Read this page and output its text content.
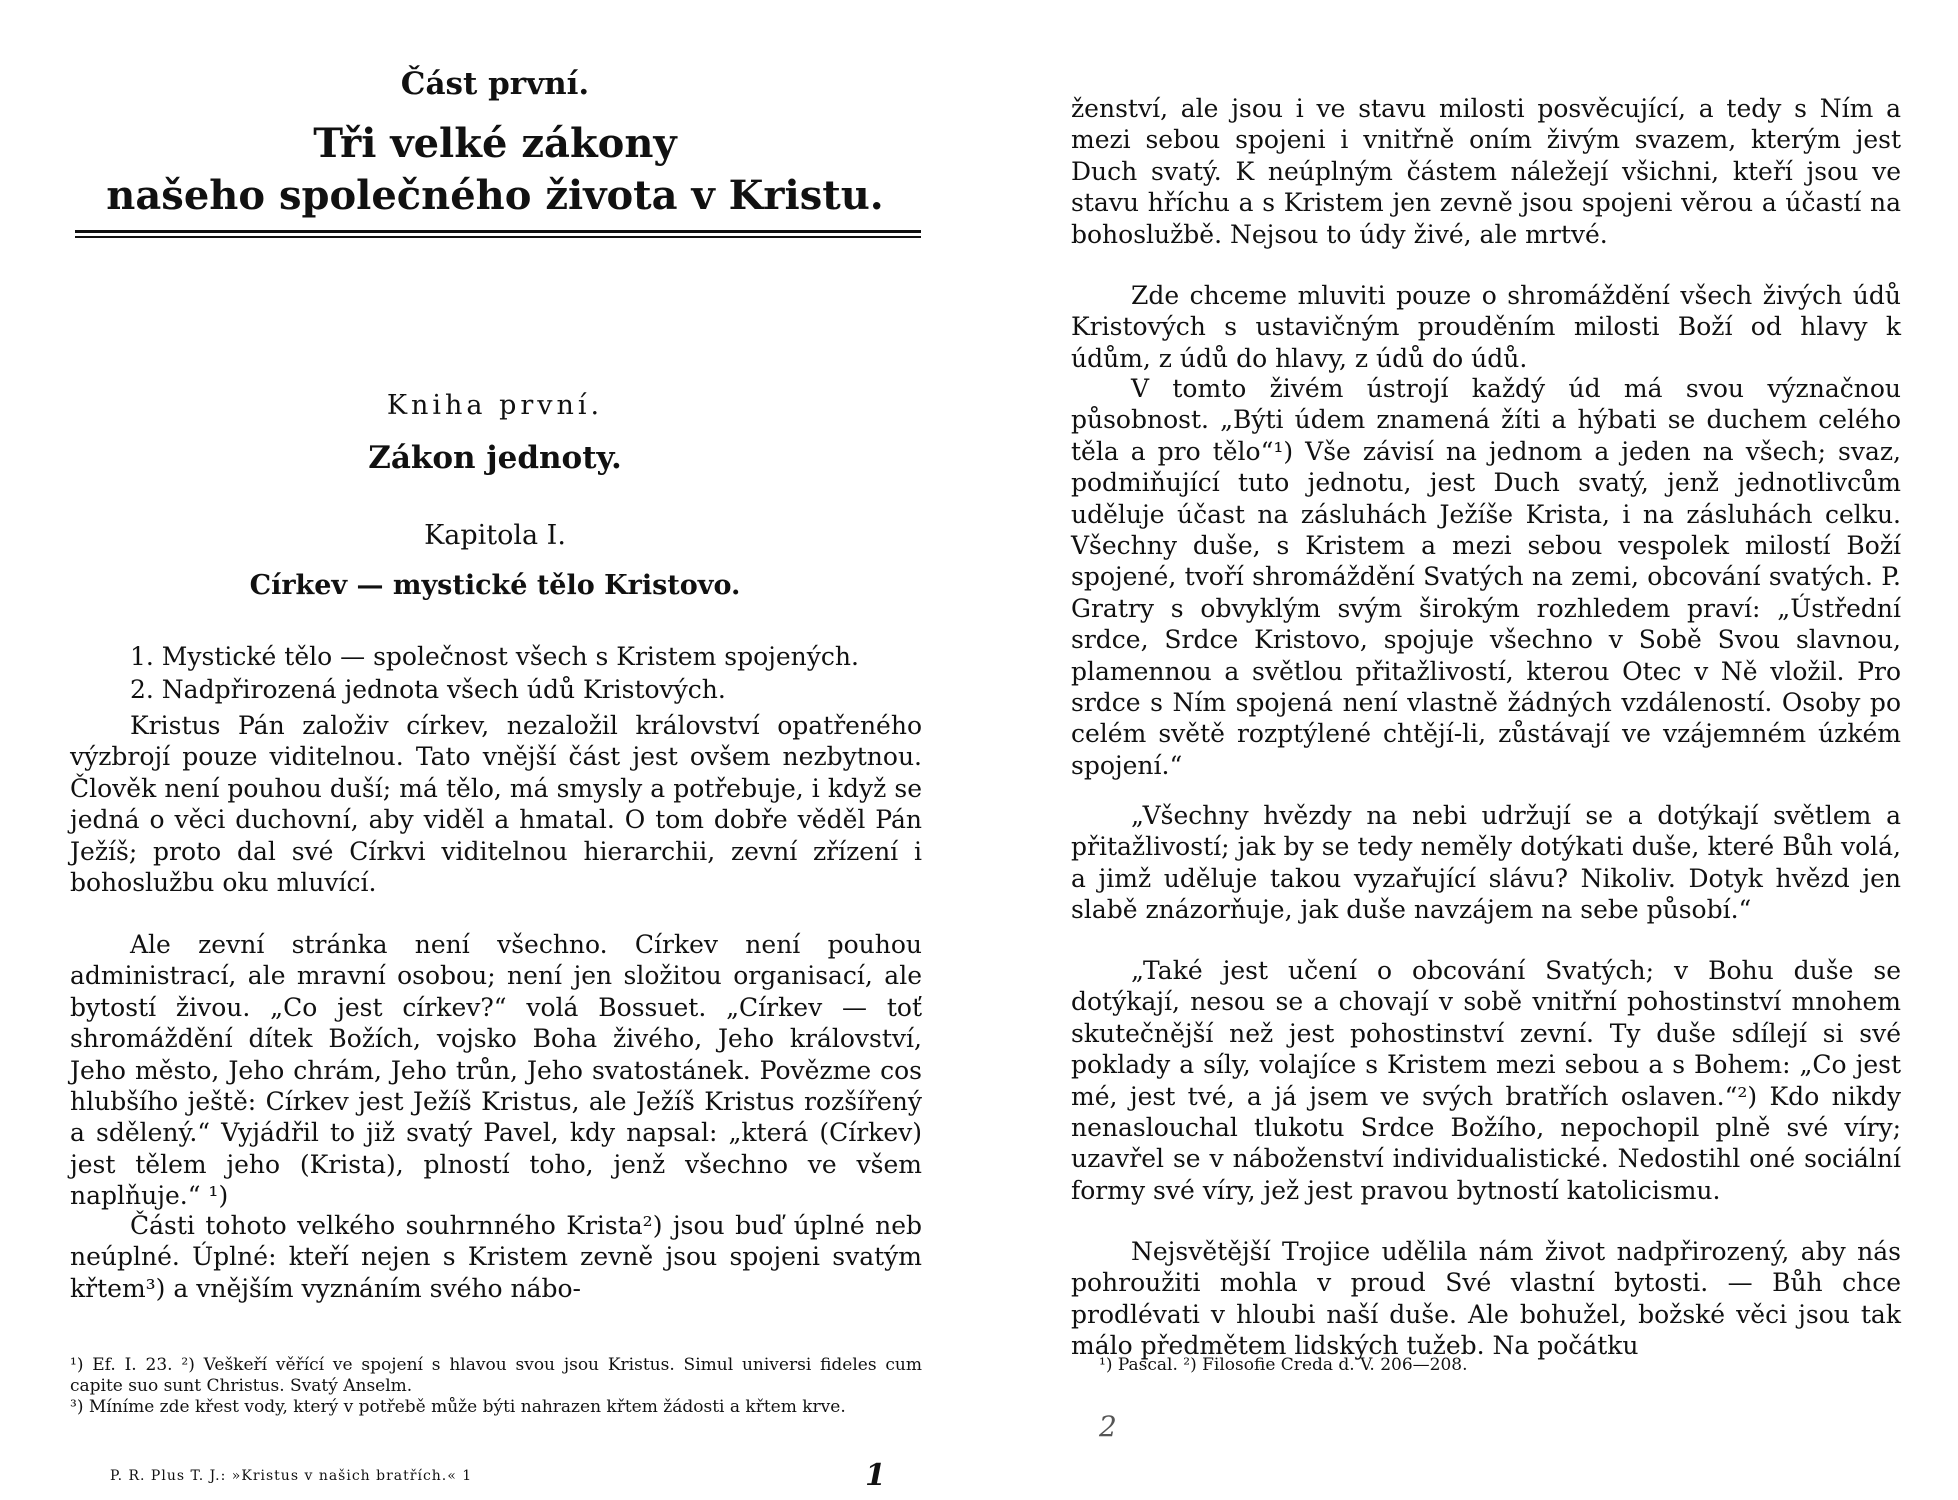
Část první.
Tři velké zákony
našeho společného života v Kristu.
Kniha první.
Zákon jednoty.
Kapitola I.
Církev — mystické tělo Kristovo.
1. Mystické tělo — společnost všech s Kristem spojených.
2. Nadpřirozená jednota všech údů Kristových.

Kristus Pán založiv církev, nezaložil království opatřeného výzbrojí pouze viditelnou. Tato vnější část jest ovšem nezbytnou. Člověk není pouhou duší; má tělo, má smysly a potřebuje, i když se jedná o věci duchovní, aby viděl a hmatal. O tom dobře věděl Pán Ježíš; proto dal své Církvi viditelnou hierarchii, zevní zřízení i bohoslužbu oku mluvící.

Ale zevní stránka není všechno. Církev není pouhou administrací, ale mravní osobou; není jen složitou organisací, ale bytostí živou. „Co jest církev?“ volá Bossuet. „Církev — toť shromáždění dítek Božích, vojsko Boha živého, Jeho království, Jeho město, Jeho chrám, Jeho trůn, Jeho svatostánek. Povězme cos hlubšího ještě: Církev jest Ježíš Kristus, ale Ježíš Kristus rozšířený a sdělený.“ Vyjádřil to již svatý Pavel, kdy napsal: „která (Církev) jest tělem jeho (Krista), plností toho, jenž všechno ve všem naplňuje.“ ¹)

Části tohoto velkého souhrnného Krista²) jsou buď úplné neb neúplné. Úplné: kteří nejen s Kristem zevně jsou spojeni svatým křtem³) a vnějším vyznáním svého nábo-

¹) Ef. I. 23. ²) Veškeří věřící ve spojení s hlavou svou jsou Kristus. Simul universi fideles cum capite suo sunt Christus. Svatý Anselm.

³) Míníme zde křest vody, který v potřebě může býti nahrazen křtem žádosti a křtem krve.

P. R. Plus T. J.: »Kristus v našich bratřích.« 1	1

ženství, ale jsou i ve stavu milosti posvěcující, a tedy s Ním a mezi sebou spojeni i vnitřně oním živým svazem, kterým jest Duch svatý. K neúplným částem náležejí všichni, kteří jsou ve stavu hříchu a s Kristem jen zevně jsou spojeni věrou a účastí na bohoslužbě. Nejsou to údy živé, ale mrtvé.

Zde chceme mluviti pouze o shromáždění všech živých údů Kristových s ustavičným prouděním milosti Boží od hlavy k údům, z údů do hlavy, z údů do údů.

V tomto živém ústrojí každý úd má svou význačnou působnost. „Býti údem znamená žíti a hýbati se duchem celého těla a pro tělo“¹) Vše závisí na jednom a jeden na všech; svaz, podmiňující tuto jednotu, jest Duch svatý, jenž jednotlivcům uděluje účast na zásluhách Ježíše Krista, i na zásluhách celku. Všechny duše, s Kristem a mezi sebou vespolek milostí Boží spojené, tvoří shromáždění Svatých na zemi, obcování svatých. P. Gratry s obvyklým svým širokým rozhledem praví: „Ústřední srdce, Srdce Kristovo, spojuje všechno v Sobě Svou slavnou, plamennou a světlou přitažlivostí, kterou Otec v Ně vložil. Pro srdce s Ním spojená není vlastně žádných vzdáleností. Osoby po celém světě rozptýlené chtějí-li, zůstávají ve vzájemném úzkém spojení.“

„Všechny hvězdy na nebi udržují se a dotýkají světlem a přitažlivostí; jak by se tedy neměly dotýkati duše, které Bůh volá, a jimž uděluje takou vyzařující slávu? Nikoliv. Dotyk hvězd jen slabě znázorňuje, jak duše navzájem na sebe působí.“

„Také jest učení o obcování Svatých; v Bohu duše se dotýkají, nesou se a chovají v sobě vnitřní pohostinství mnohem skutečnější než jest pohostinství zevní. Ty duše sdílejí si své poklady a síly, volajíce s Kristem mezi sebou a s Bohem: „Co jest mé, jest tvé, a já jsem ve svých bratřích oslaven.“²) Kdo nikdy nenaslouchal tlukotu Srdce Božího, nepochopil plně své víry; uzavřel se v náboženství individualistické. Nedostihl oné sociální formy své víry, jež jest pravou bytností katolicismu.

Nejsvětější Trojice udělila nám život nadpřirozený, aby nás pohroužiti mohla v proud Své vlastní bytosti. — Bůh chce prodlévati v hloubi naší duše. Ale bohužel, božské věci jsou tak málo předmětem lidských tužeb. Na počátku

¹) Pascal. ²) Filosofie Creda d. V. 206—208.
2
